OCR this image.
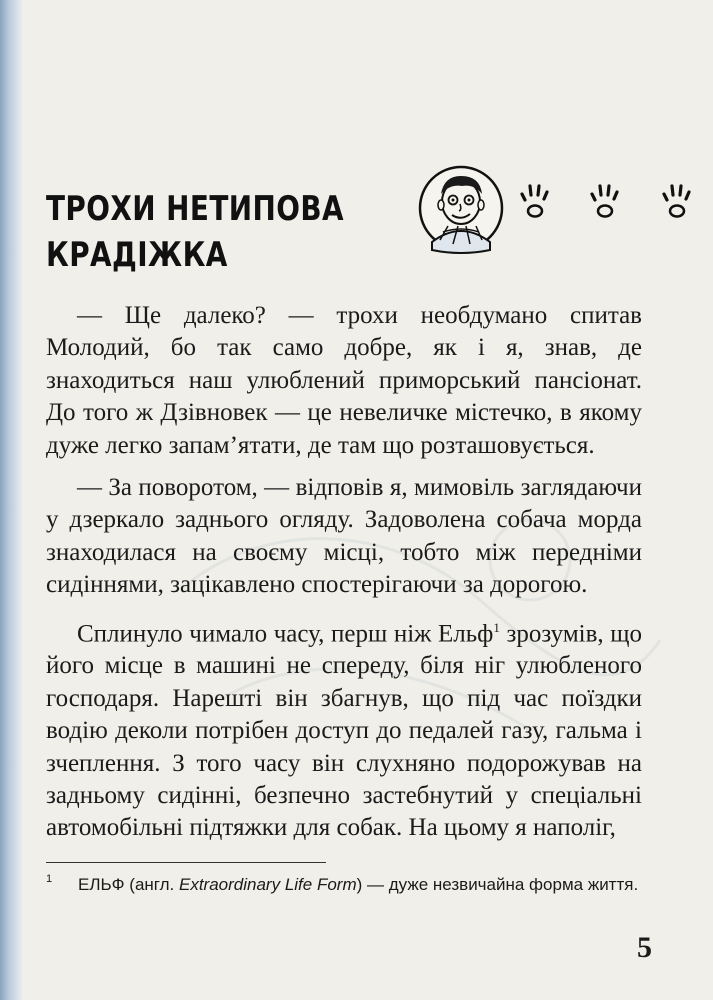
ТРОХИ НЕТИПОВА
КРАДІЖКА

— Ще далеко? — трохи необдумано спитав Молодий, бо так само добре, як і я, знав, де знаходиться наш улюблений приморський пансіонат. До того ж Дзівновек — це невеличке містечко, в якому дуже легко запам’ятати, де там що розташовується.

— За поворотом, — відповів я, мимовіль заглядаючи у дзеркало заднього огляду. Задоволена собача морда знаходилася на своєму місці, тобто між передніми сидіннями, зацікавлено спостерігаючи за дорогою.

Сплинуло чимало часу, перш ніж Ельф$^1$ зрозумів, що його місце в машині не спереду, біля ніг улюбленого господаря. Нарешті він збагнув, що під час поїздки водію деколи потрібен доступ до педалей газу, гальма і зчеплення. З того часу він слухняно подорожував на задньому сидінні, безпечно застебнутий у спеціальні автомобільні підтяжки для собак. На цьому я наполіг,

1 ЕЛЬФ (англ. Extraordinary Life Form) — дуже незвичайна форма життя.

5
